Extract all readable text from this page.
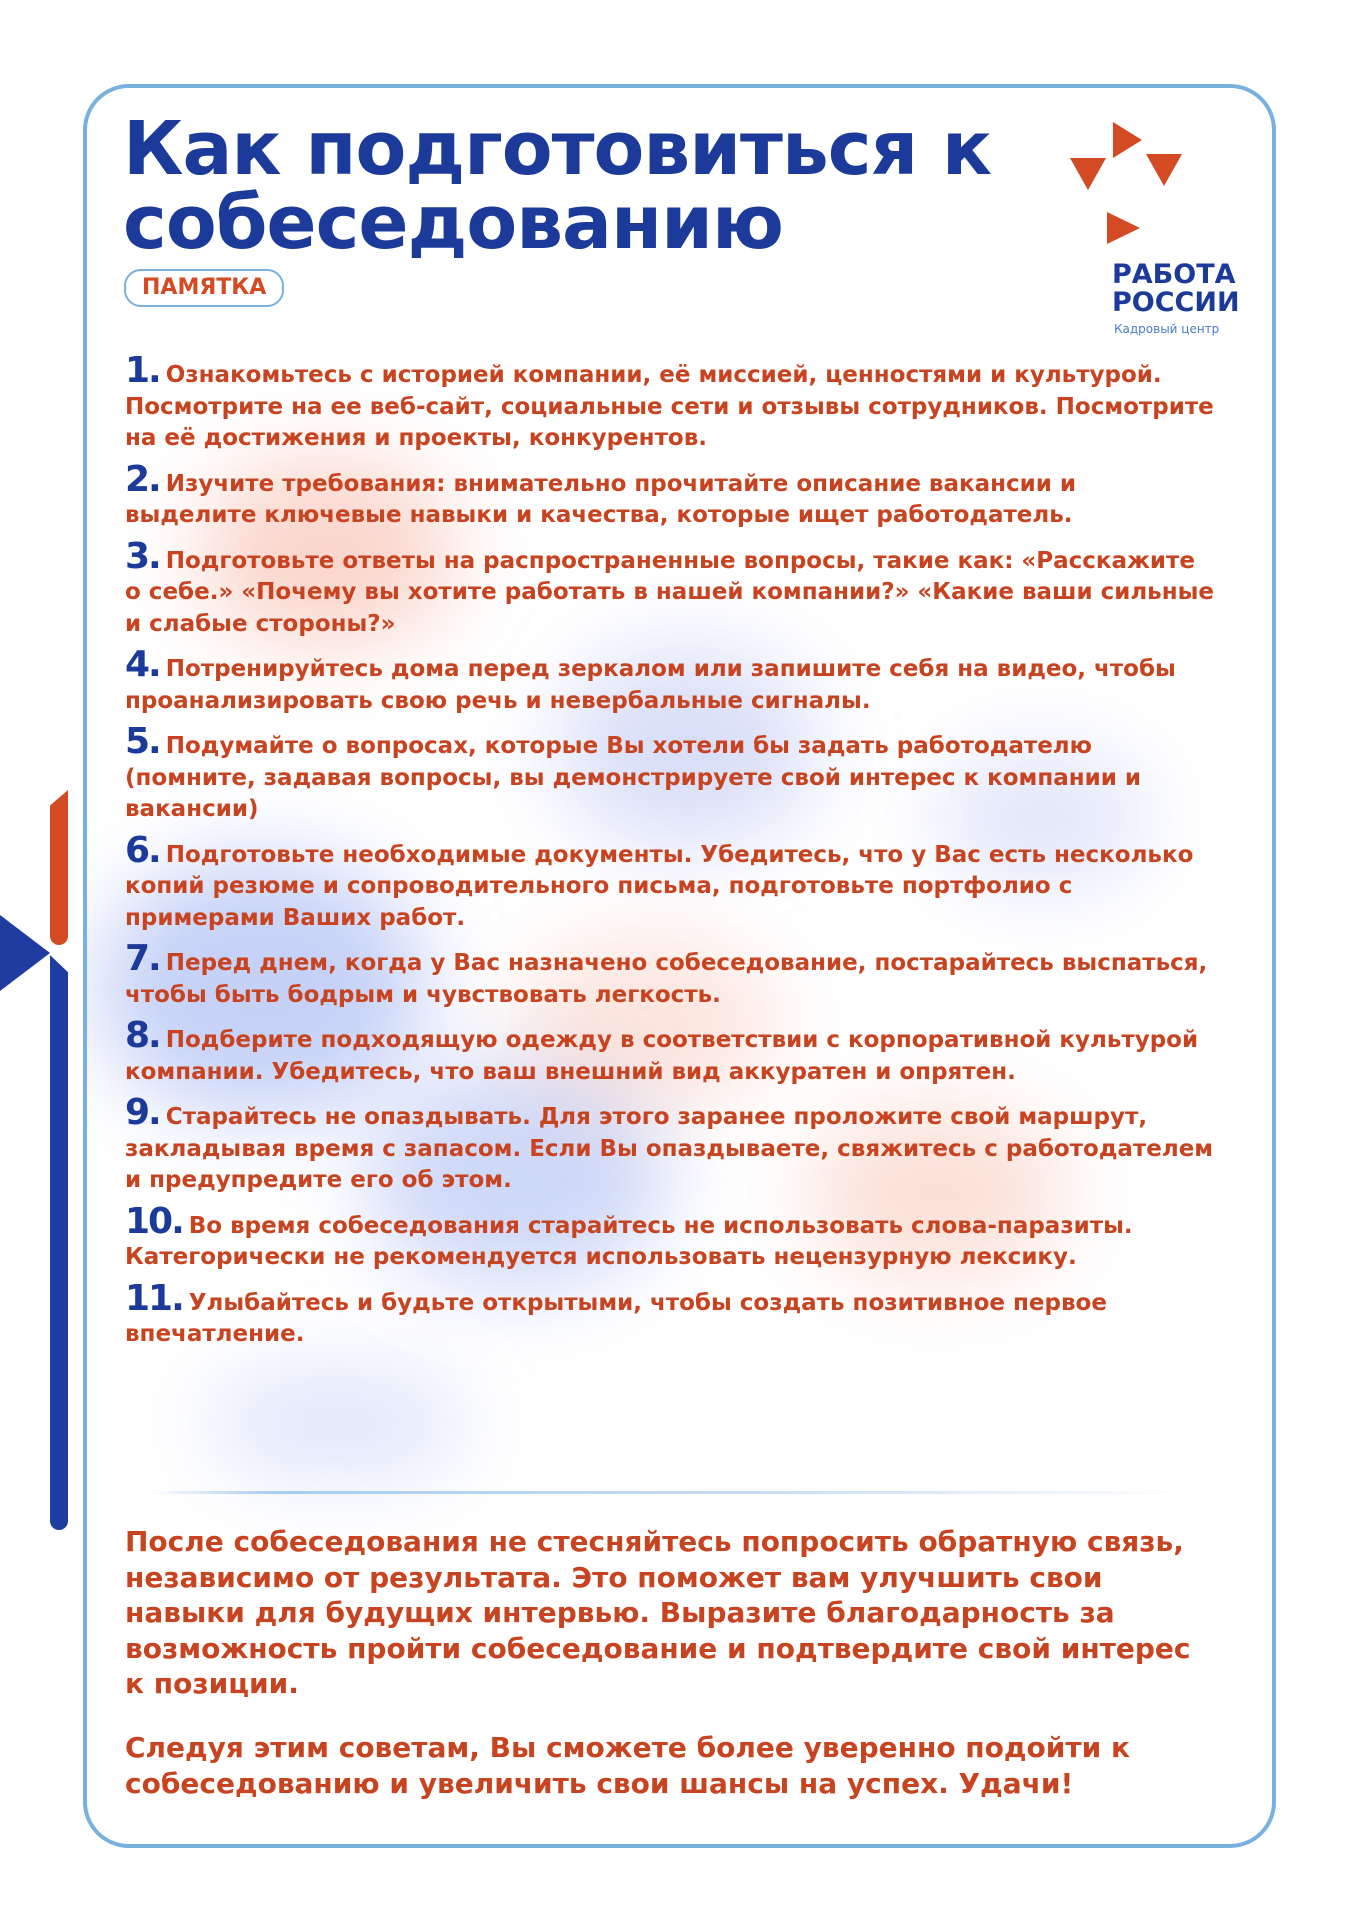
Как подготовиться к собеседованию
ПАМЯТКА	РАБОТА
РОССИИ
Кадровый центр

1. Ознакомьтесь с историей компании, её миссией, ценностями и культурой. Посмотрите на ее веб-сайт, социальные сети и отзывы сотрудников. Посмотрите на её достижения и проекты, конкурентов.

2. Изучите требования: внимательно прочитайте описание вакансии и выделите ключевые навыки и качества, которые ищет работодатель.

3. Подготовьте ответы на распространенные вопросы, такие как: «Расскажите о себе.» «Почему вы хотите работать в нашей компании?» «Какие ваши сильные и слабые стороны?»

4. Потренируйтесь дома перед зеркалом или запишите себя на видео, чтобы проанализировать свою речь и невербальные сигналы.

5. Подумайте о вопросах, которые Вы хотели бы задать работодателю (помните, задавая вопросы, вы демонстрируете свой интерес к компании и вакансии)

6. Подготовьте необходимые документы. Убедитесь, что у Вас есть несколько копий резюме и сопроводительного письма, подготовьте портфолио с примерами Ваших работ.

7. Перед днем, когда у Вас назначено собеседование, постарайтесь выспаться, чтобы быть бодрым и чувствовать легкость.

8. Подберите подходящую одежду в соответствии с корпоративной культурой компании. Убедитесь, что ваш внешний вид аккуратен и опрятен.

9. Старайтесь не опаздывать. Для этого заранее проложите свой маршрут, закладывая время с запасом. Если Вы опаздываете, свяжитесь с работодателем и предупредите его об этом.

10. Во время собеседования старайтесь не использовать слова-паразиты. Категорически не рекомендуется использовать нецензурную лексику.

11. Улыбайтесь и будьте открытыми, чтобы создать позитивное первое впечатление.

После собеседования не стесняйтесь попросить обратную связь, независимо от результата. Это поможет вам улучшить свои навыки для будущих интервью. Выразите благодарность за возможность пройти собеседование и подтвердите свой интерес к позиции.

Следуя этим советам, Вы сможете более уверенно подойти к собеседованию и увеличить свои шансы на успех. Удачи!
